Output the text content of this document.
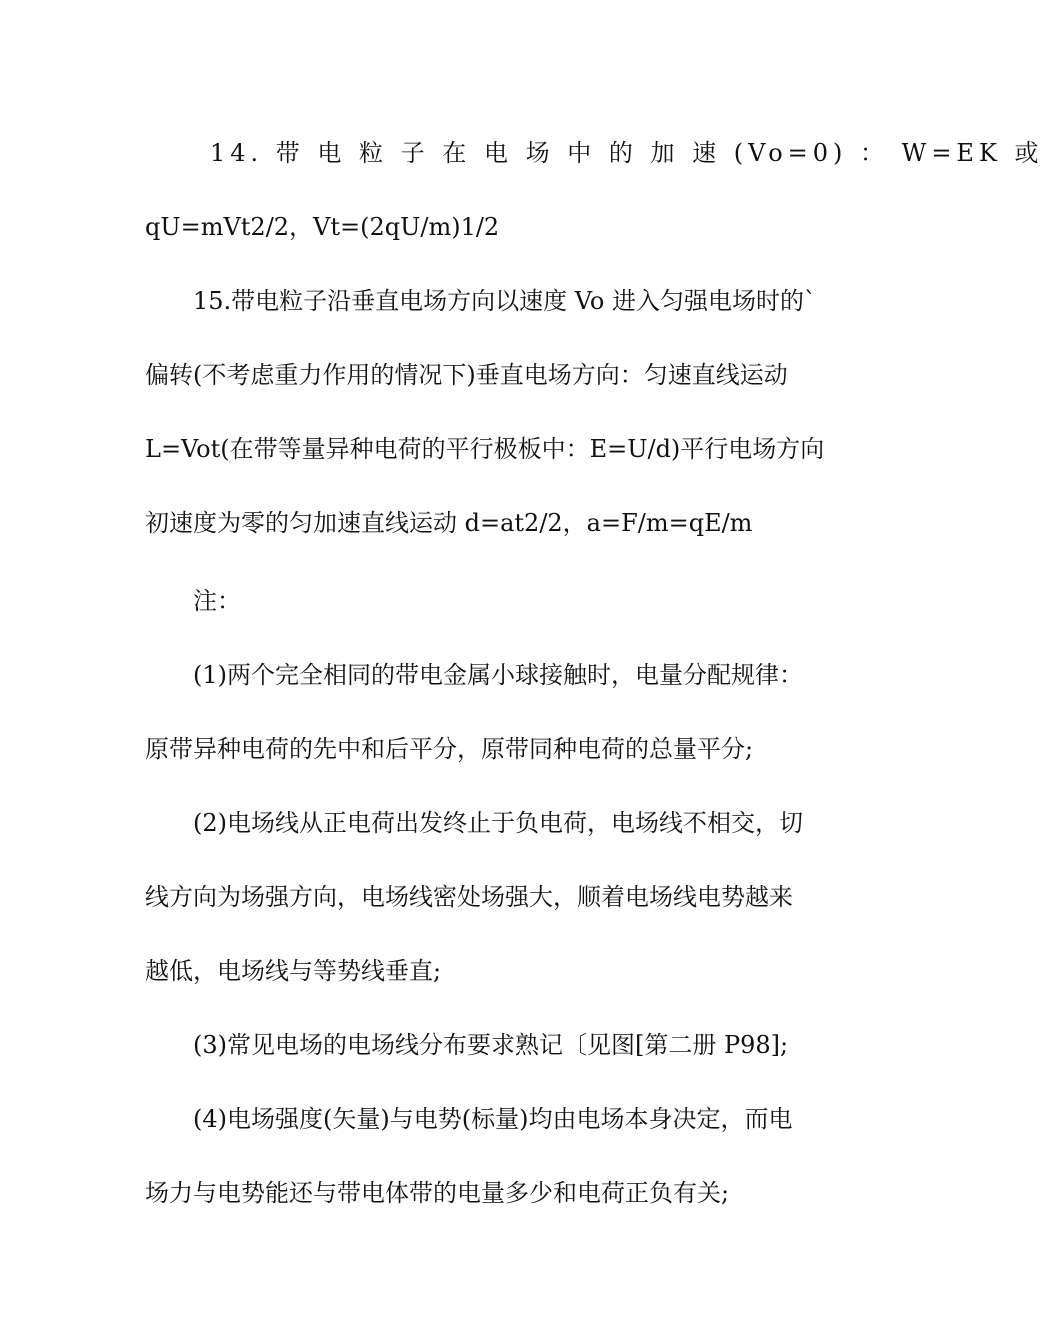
14. 带 电 粒 子 在 电 场 中 的 加 速 (Vo=0) ： W=EK 或
qU=mVt2/2，Vt=(2qU/m)1/2
15.带电粒子沿垂直电场方向以速度 Vo 进入匀强电场时的`
偏转(不考虑重力作用的情况下)垂直电场方向：匀速直线运动
L=Vot(在带等量异种电荷的平行极板中：E=U/d)平行电场方向
初速度为零的匀加速直线运动 d=at2/2，a=F/m=qE/m
注：
(1)两个完全相同的带电金属小球接触时，电量分配规律：
原带异种电荷的先中和后平分，原带同种电荷的总量平分;
(2)电场线从正电荷出发终止于负电荷，电场线不相交，切
线方向为场强方向，电场线密处场强大，顺着电场线电势越来
越低，电场线与等势线垂直;
(3)常见电场的电场线分布要求熟记〔见图[第二册 P98];
(4)电场强度(矢量)与电势(标量)均由电场本身决定，而电
场力与电势能还与带电体带的电量多少和电荷正负有关;
